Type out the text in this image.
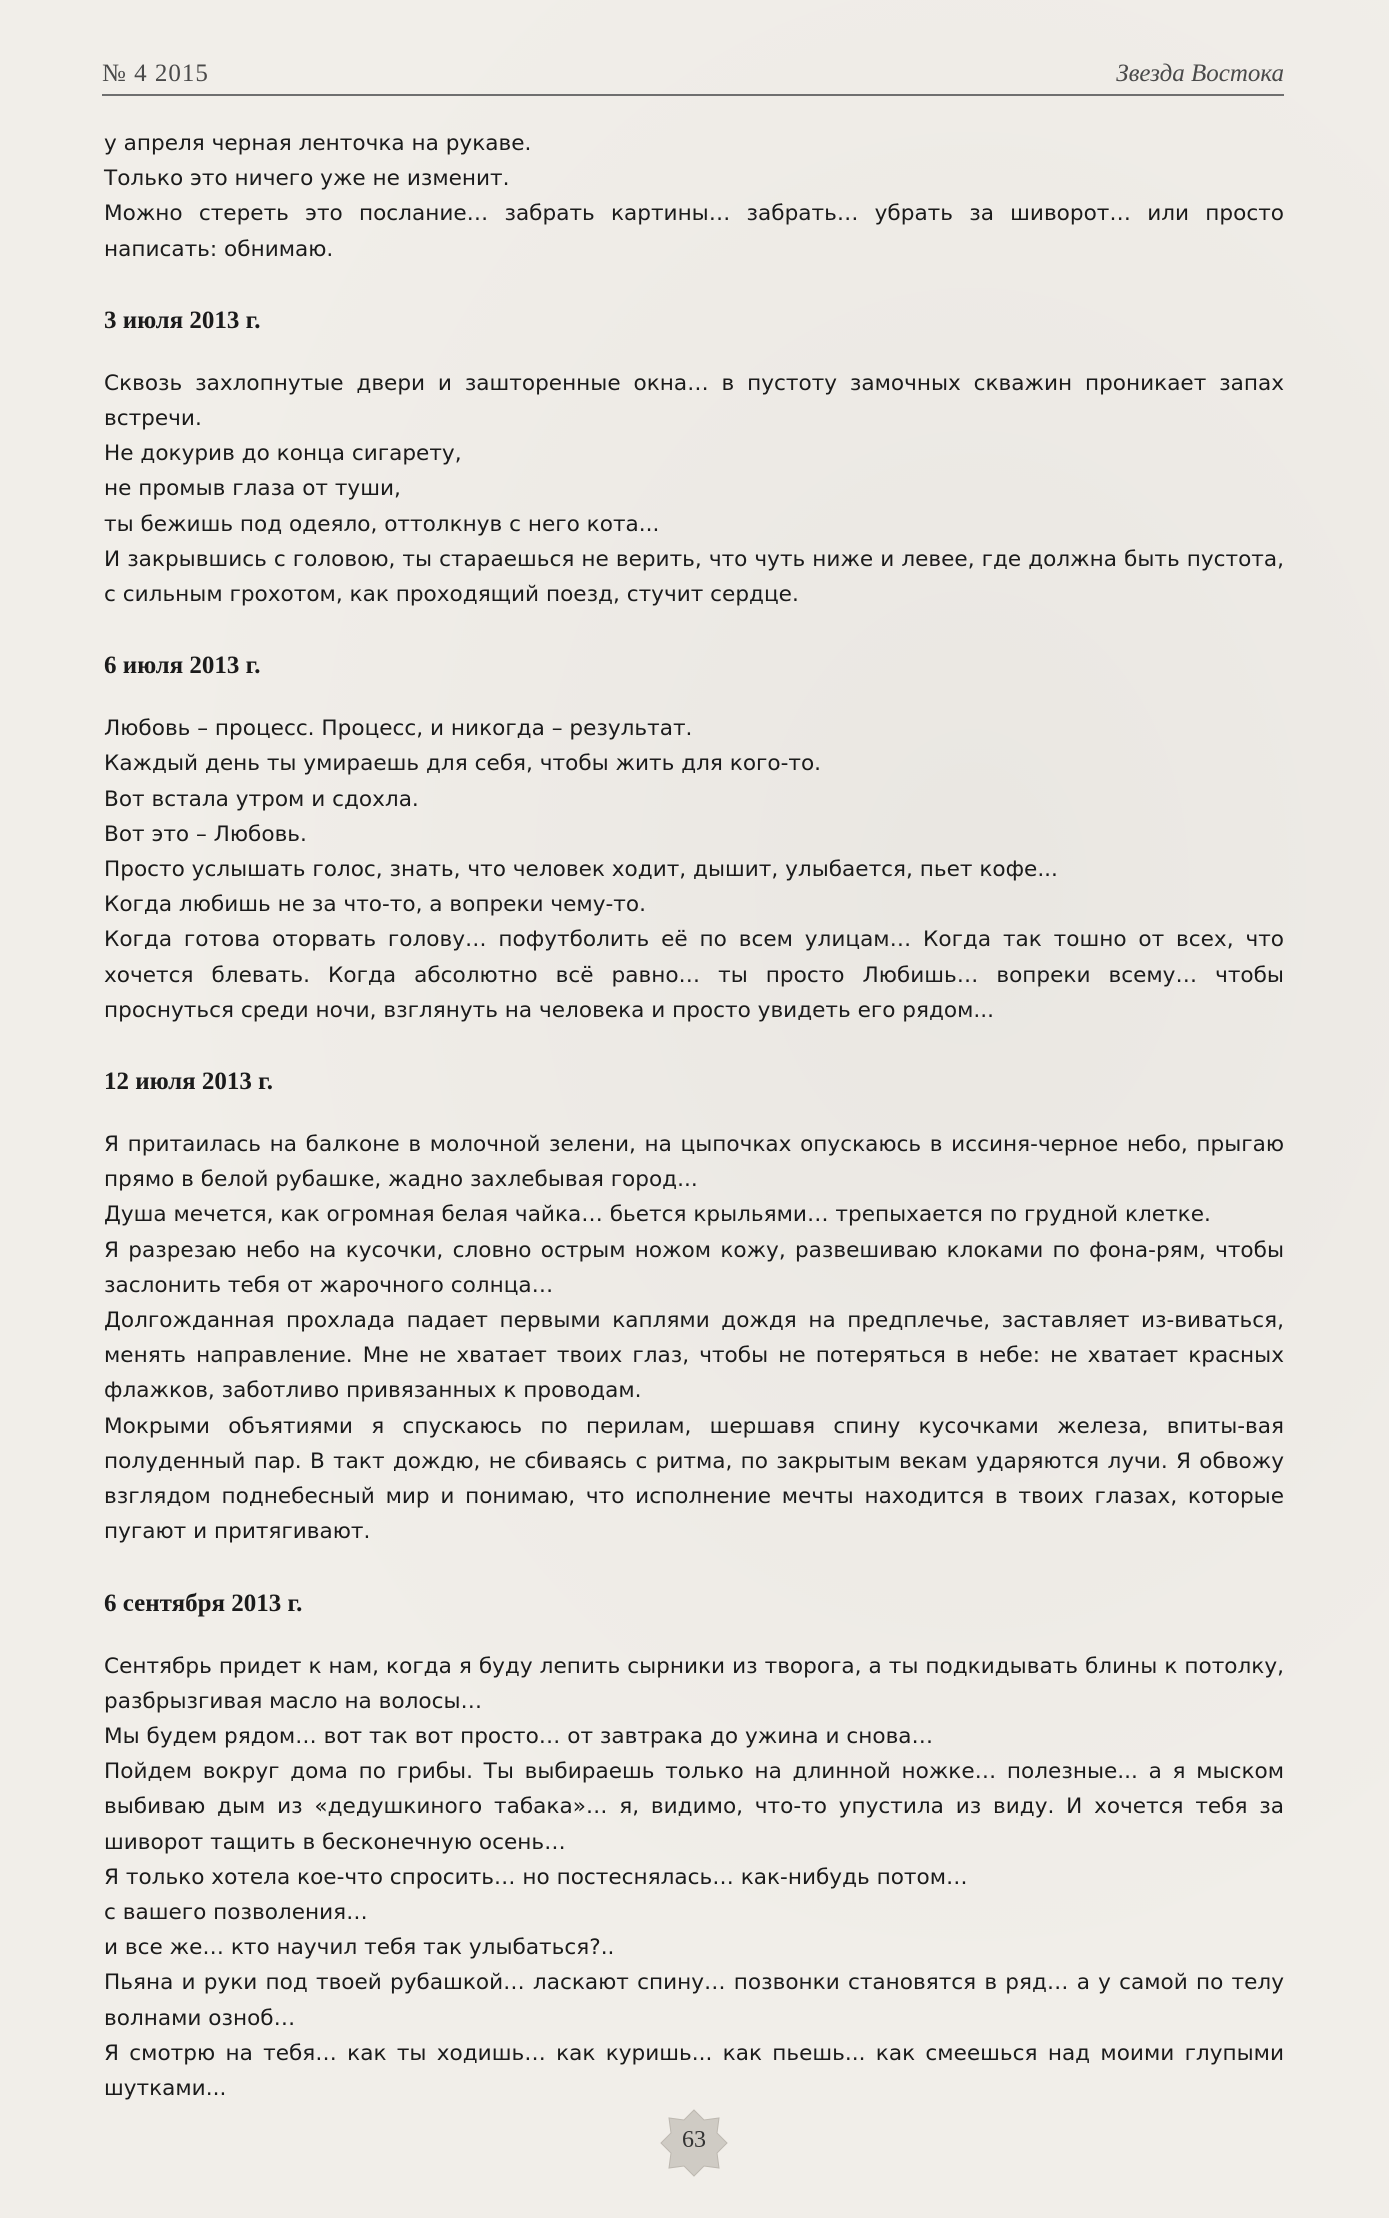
№ 4 2015	Звезда Востока

у апреля черная ленточка на рукаве.

Только это ничего уже не изменит.

Можно стереть это послание… забрать картины… забрать… убрать за шиворот… или просто написать: обнимаю.

3 июля 2013 г.

Сквозь захлопнутые двери и зашторенные окна… в пустоту замочных скважин проникает запах встречи.

Не докурив до конца сигарету,

не промыв глаза от туши,

ты бежишь под одеяло, оттолкнув с него кота...

И закрывшись с головою, ты стараешься не верить, что чуть ниже и левее, где должна быть пустота, с сильным грохотом, как проходящий поезд, стучит сердце.

6 июля 2013 г.

Любовь – процесс. Процесс, и никогда – результат.

Каждый день ты умираешь для себя, чтобы жить для кого-то.

Вот встала утром и сдохла.

Вот это – Любовь.

Просто услышать голос, знать, что человек ходит, дышит, улыбается, пьет кофе...

Когда любишь не за что-то, а вопреки чему-то.

Когда готова оторвать голову… пофутболить её по всем улицам… Когда так тошно от всех, что хочется блевать. Когда абсолютно всё равно… ты просто Любишь… вопреки всему… чтобы проснуться среди ночи, взглянуть на человека и просто увидеть его рядом...

12 июля 2013 г.

Я притаилась на балконе в молочной зелени, на цыпочках опускаюсь в иссиня-черное небо, прыгаю прямо в белой рубашке, жадно захлебывая город...

Душа мечется, как огромная белая чайка… бьется крыльями… трепыхается по грудной клетке.

Я разрезаю небо на кусочки, словно острым ножом кожу, развешиваю клоками по фона-рям, чтобы заслонить тебя от жарочного солнца…

Долгожданная прохлада падает первыми каплями дождя на предплечье, заставляет из-виваться, менять направление. Мне не хватает твоих глаз, чтобы не потеряться в небе: не хватает красных флажков, заботливо привязанных к проводам.

Мокрыми объятиями я спускаюсь по перилам, шершавя спину кусочками железа, впиты-вая полуденный пар. В такт дождю, не сбиваясь с ритма, по закрытым векам ударяются лучи. Я обвожу взглядом поднебесный мир и понимаю, что исполнение мечты находится в твоих глазах, которые пугают и притягивают.

6 сентября 2013 г.

Сентябрь придет к нам, когда я буду лепить сырники из творога, а ты подкидывать блины к потолку, разбрызгивая масло на волосы…

Мы будем рядом… вот так вот просто… от завтрака до ужина и снова…

Пойдем вокруг дома по грибы. Ты выбираешь только на длинной ножке… полезные... а я мыском выбиваю дым из «дедушкиного табака»… я, видимо, что-то упустила из виду. И хочется тебя за шиворот тащить в бесконечную осень…

Я только хотела кое-что спросить… но постеснялась… как-нибудь потом…

с вашего позволения…

и все же… кто научил тебя так улыбаться?..

Пьяна и руки под твоей рубашкой… ласкают спину… позвонки становятся в ряд… а у самой по телу волнами озноб…

Я смотрю на тебя… как ты ходишь… как куришь... как пьешь... как смеешься над моими глупыми шутками...

63
